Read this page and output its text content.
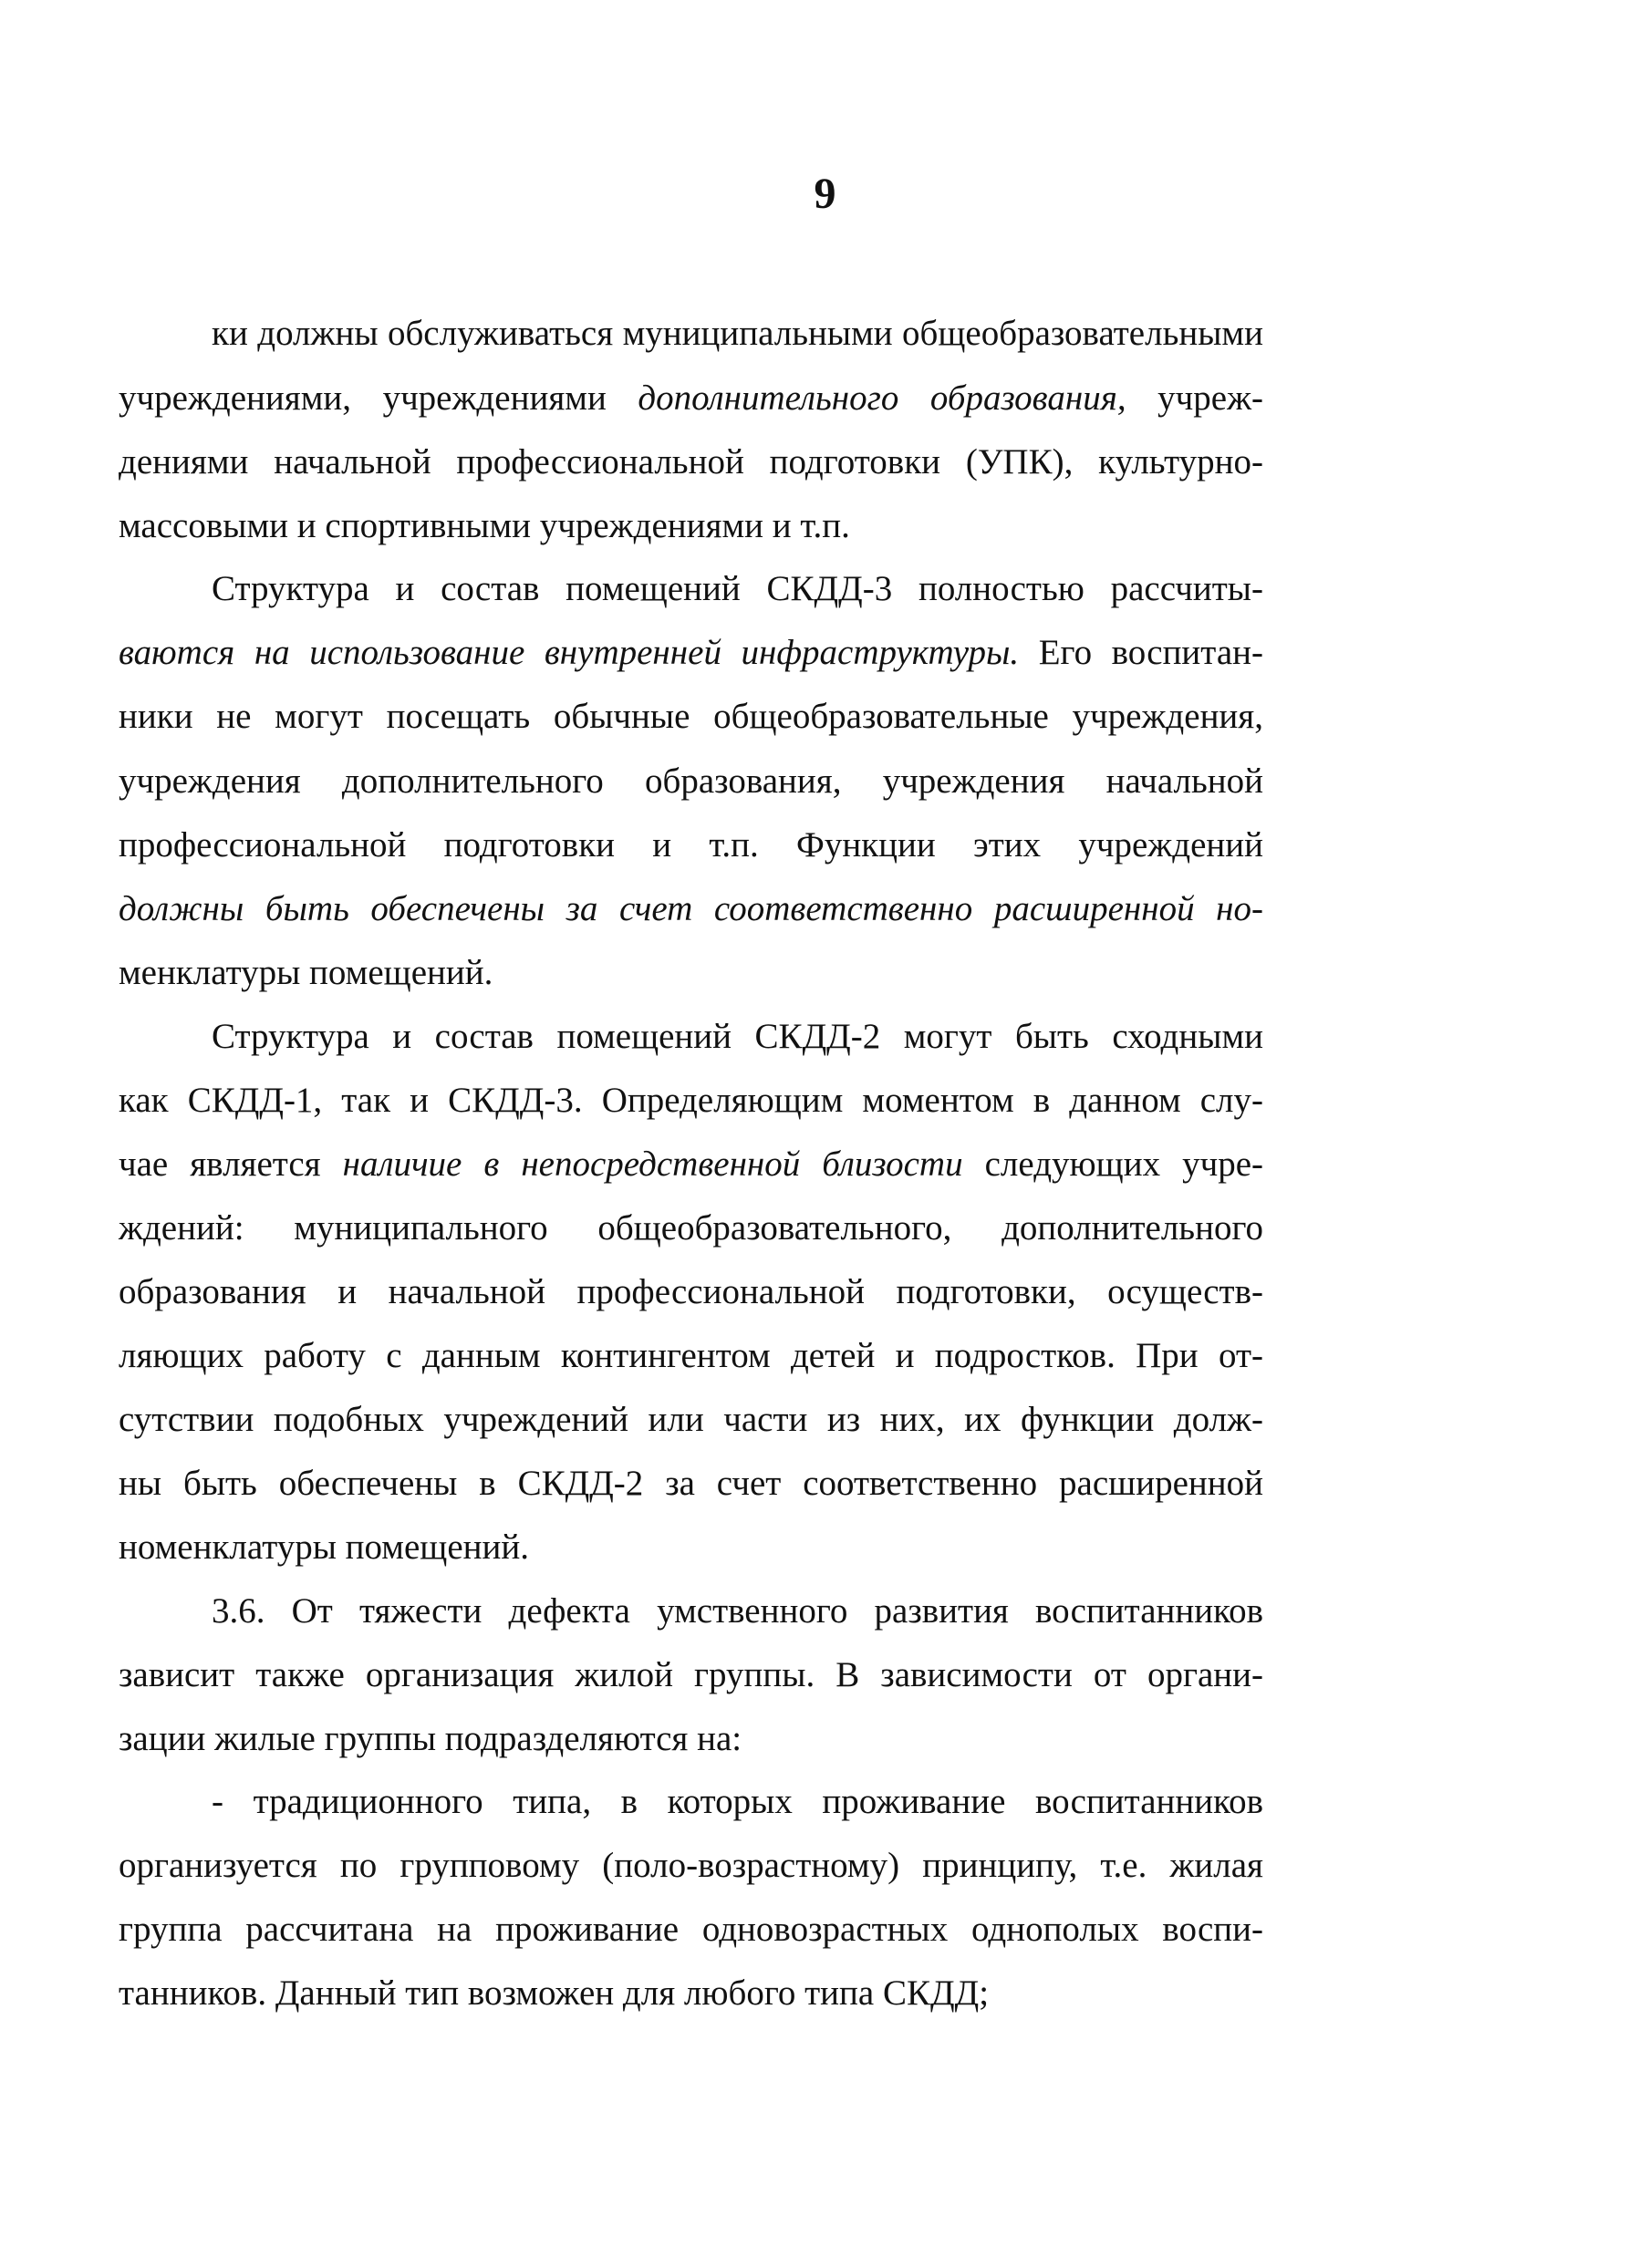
9
ки должны обслуживаться муниципальными общеобразовательными
учреждениями, учреждениями дополнительного образования, учреж-
дениями начальной профессиональной подготовки (УПК), культурно-
массовыми и спортивными учреждениями и т.п.
Структура и состав помещений СКДД-3 полностью рассчиты-
ваются на использование внутренней инфраструктуры. Его воспитан-
ники не могут посещать обычные общеобразовательные учреждения,
учреждения дополнительного образования, учреждения начальной
профессиональной подготовки и т.п. Функции этих учреждений
должны быть обеспечены за счет соответственно расширенной но-
менклатуры помещений.
Структура и состав помещений СКДД-2 могут быть сходными
как СКДД-1, так и СКДД-3. Определяющим моментом в данном слу-
чае является наличие в непосредственной близости следующих учре-
ждений: муниципального общеобразовательного, дополнительного
образования и начальной профессиональной подготовки, осуществ-
ляющих работу с данным контингентом детей и подростков. При от-
сутствии подобных учреждений или части из них, их функции долж-
ны быть обеспечены в СКДД-2 за счет соответственно расширенной
номенклатуры помещений.
3.6. От тяжести дефекта умственного развития воспитанников
зависит также организация жилой группы. В зависимости от органи-
зации жилые группы подразделяются на:
- традиционного типа, в которых проживание воспитанников
организуется по групповому (поло-возрастному) принципу, т.е. жилая
группа рассчитана на проживание одновозрастных однополых воспи-
танников. Данный тип возможен для любого типа СКДД;
